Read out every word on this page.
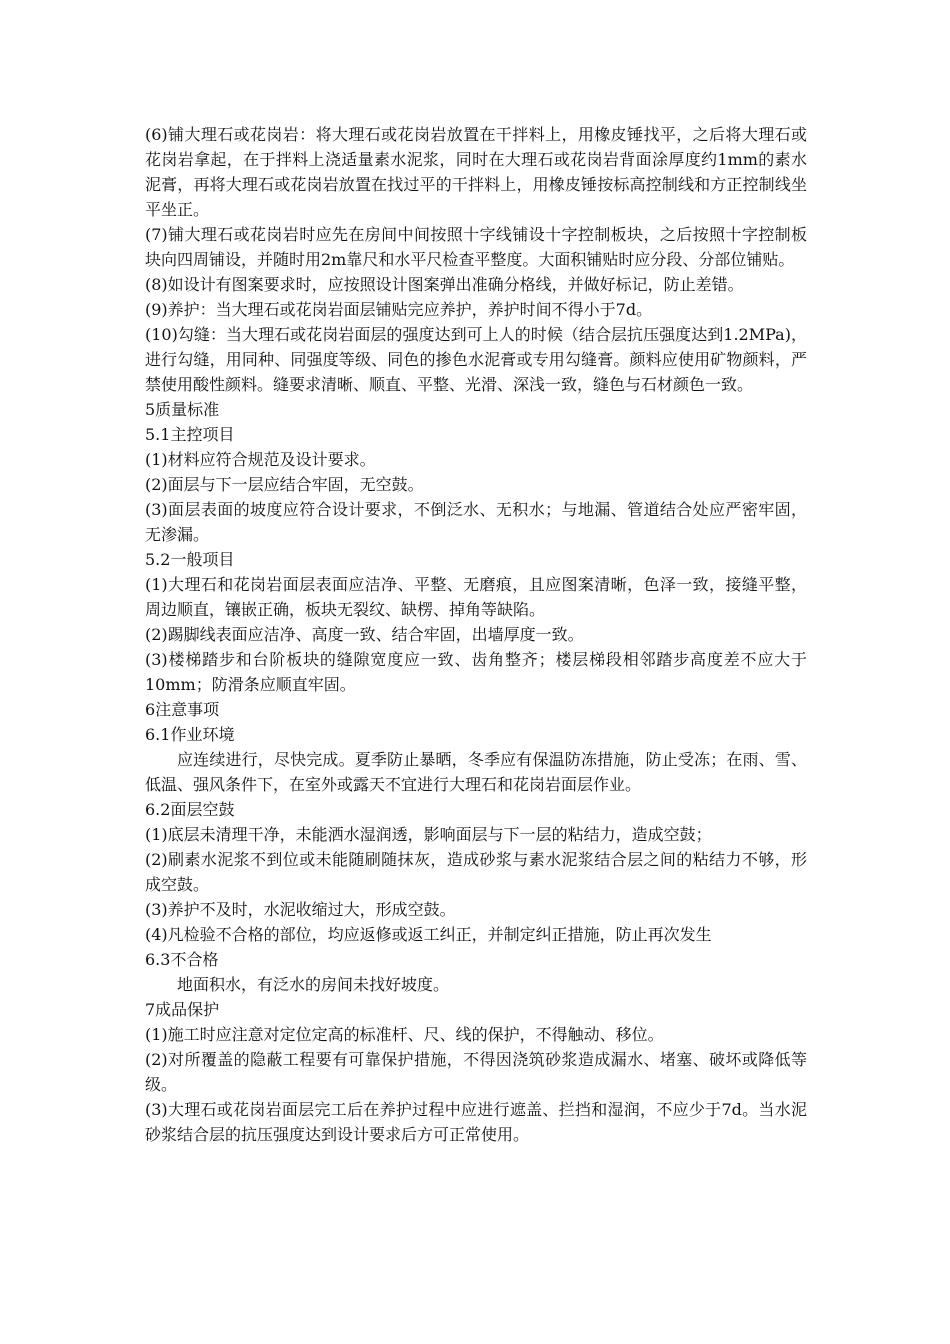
(6)铺大理石或花岗岩：将大理石或花岗岩放置在干拌料上，用橡皮锤找平，之后将大理石或花岗岩拿起，在于拌料上浇适量素水泥浆，同时在大理石或花岗岩背面涂厚度约1mm的素水泥膏，再将大理石或花岗岩放置在找过平的干拌料上，用橡皮锤按标高控制线和方正控制线坐平坐正。

(7)铺大理石或花岗岩时应先在房间中间按照十字线铺设十字控制板块，之后按照十字控制板块向四周铺设，并随时用2m靠尺和水平尺检查平整度。大面积铺贴时应分段、分部位铺贴。

(8)如设计有图案要求时，应按照设计图案弹出准确分格线，并做好标记，防止差错。

(9)养护：当大理石或花岗岩面层铺贴完应养护，养护时间不得小于7d。

(10)勾缝：当大理石或花岗岩面层的强度达到可上人的时候（结合层抗压强度达到1.2MPa)，进行勾缝，用同种、同强度等级、同色的掺色水泥膏或专用勾缝膏。颜料应使用矿物颜料，严禁使用酸性颜料。缝要求清晰、顺直、平整、光滑、深浅一致，缝色与石材颜色一致。

5质量标准

5.1主控项目

(1)材料应符合规范及设计要求。

(2)面层与下一层应结合牢固，无空鼓。

(3)面层表面的坡度应符合设计要求，不倒泛水、无积水；与地漏、管道结合处应严密牢固，无渗漏。

5.2一般项目

(1)大理石和花岗岩面层表面应洁净、平整、无磨痕，且应图案清晰，色泽一致，接缝平整，周边顺直，镶嵌正确，板块无裂纹、缺楞、掉角等缺陷。

(2)踢脚线表面应洁净、高度一致、结合牢固，出墙厚度一致。

(3)楼梯踏步和台阶板块的缝隙宽度应一致、齿角整齐；楼层梯段相邻踏步高度差不应大于10mm；防滑条应顺直牢固。

6注意事项

6.1作业环境

应连续进行，尽快完成。夏季防止暴晒，冬季应有保温防冻措施，防止受冻；在雨、雪、低温、强风条件下，在室外或露天不宜进行大理石和花岗岩面层作业。

6.2面层空鼓

(1)底层未清理干净，未能洒水湿润透，影响面层与下一层的粘结力，造成空鼓；

(2)刷素水泥浆不到位或未能随刷随抹灰，造成砂浆与素水泥浆结合层之间的粘结力不够，形成空鼓。

(3)养护不及时，水泥收缩过大，形成空鼓。

(4)凡检验不合格的部位，均应返修或返工纠正，并制定纠正措施，防止再次发生

6.3不合格

地面积水，有泛水的房间未找好坡度。

7成品保护

(1)施工时应注意对定位定高的标准杆、尺、线的保护，不得触动、移位。

(2)对所覆盖的隐蔽工程要有可靠保护措施，不得因浇筑砂浆造成漏水、堵塞、破坏或降低等级。

(3)大理石或花岗岩面层完工后在养护过程中应进行遮盖、拦挡和湿润，不应少于7d。当水泥砂浆结合层的抗压强度达到设计要求后方可正常使用。
